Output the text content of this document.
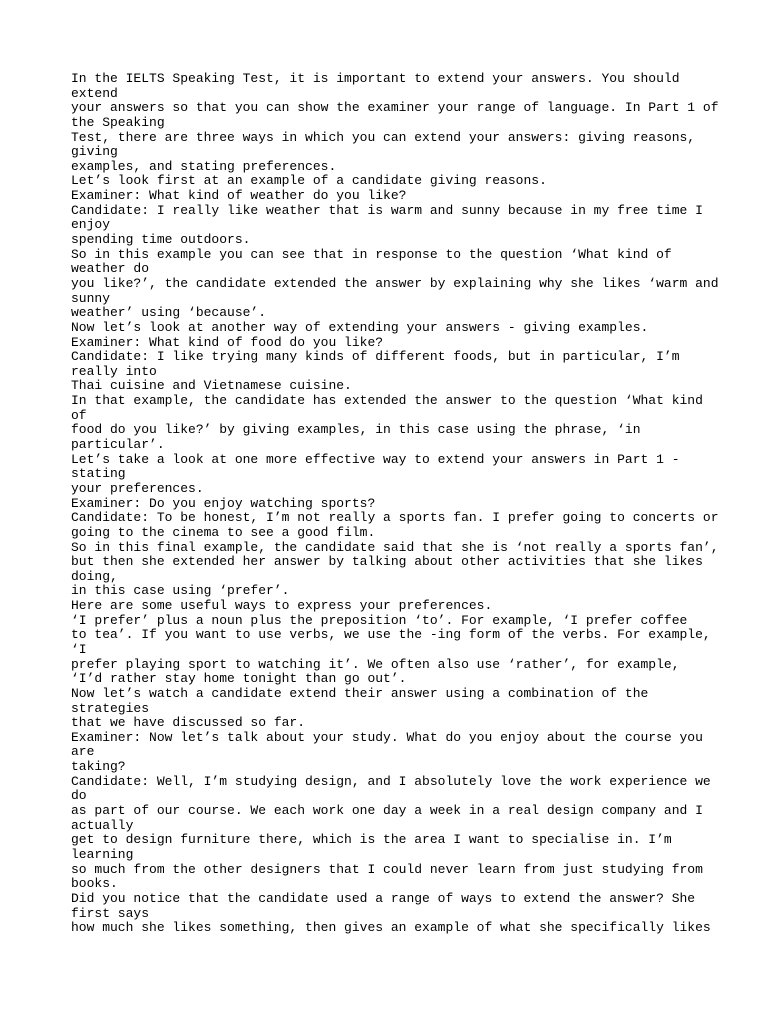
In the IELTS Speaking Test, it is important to extend your answers. You should
extend
your answers so that you can show the examiner your range of language. In Part 1 of
the Speaking
Test, there are three ways in which you can extend your answers: giving reasons,
giving
examples, and stating preferences.
Let’s look first at an example of a candidate giving reasons.
Examiner: What kind of weather do you like?
Candidate: I really like weather that is warm and sunny because in my free time I
enjoy
spending time outdoors.
So in this example you can see that in response to the question ‘What kind of
weather do
you like?’, the candidate extended the answer by explaining why she likes ‘warm and
sunny
weather’ using ‘because’.
Now let’s look at another way of extending your answers - giving examples.
Examiner: What kind of food do you like?
Candidate: I like trying many kinds of different foods, but in particular, I’m
really into
Thai cuisine and Vietnamese cuisine.
In that example, the candidate has extended the answer to the question ‘What kind
of
food do you like?’ by giving examples, in this case using the phrase, ‘in
particular’.
Let’s take a look at one more effective way to extend your answers in Part 1 -
stating
your preferences.
Examiner: Do you enjoy watching sports?
Candidate: To be honest, I’m not really a sports fan. I prefer going to concerts or
going to the cinema to see a good film.
So in this final example, the candidate said that she is ‘not really a sports fan’,
but then she extended her answer by talking about other activities that she likes
doing,
in this case using ‘prefer’.
Here are some useful ways to express your preferences.
‘I prefer’ plus a noun plus the preposition ‘to’. For example, ‘I prefer coffee
to tea’. If you want to use verbs, we use the -ing form of the verbs. For example,
‘I
prefer playing sport to watching it’. We often also use ‘rather’, for example,
‘I’d rather stay home tonight than go out’.
Now let’s watch a candidate extend their answer using a combination of the
strategies
that we have discussed so far.
Examiner: Now let’s talk about your study. What do you enjoy about the course you
are
taking?
Candidate: Well, I’m studying design, and I absolutely love the work experience we
do
as part of our course. We each work one day a week in a real design company and I
actually
get to design furniture there, which is the area I want to specialise in. I’m
learning
so much from the other designers that I could never learn from just studying from
books.
Did you notice that the candidate used a range of ways to extend the answer? She
first says
how much she likes something, then gives an example of what she specifically likes
